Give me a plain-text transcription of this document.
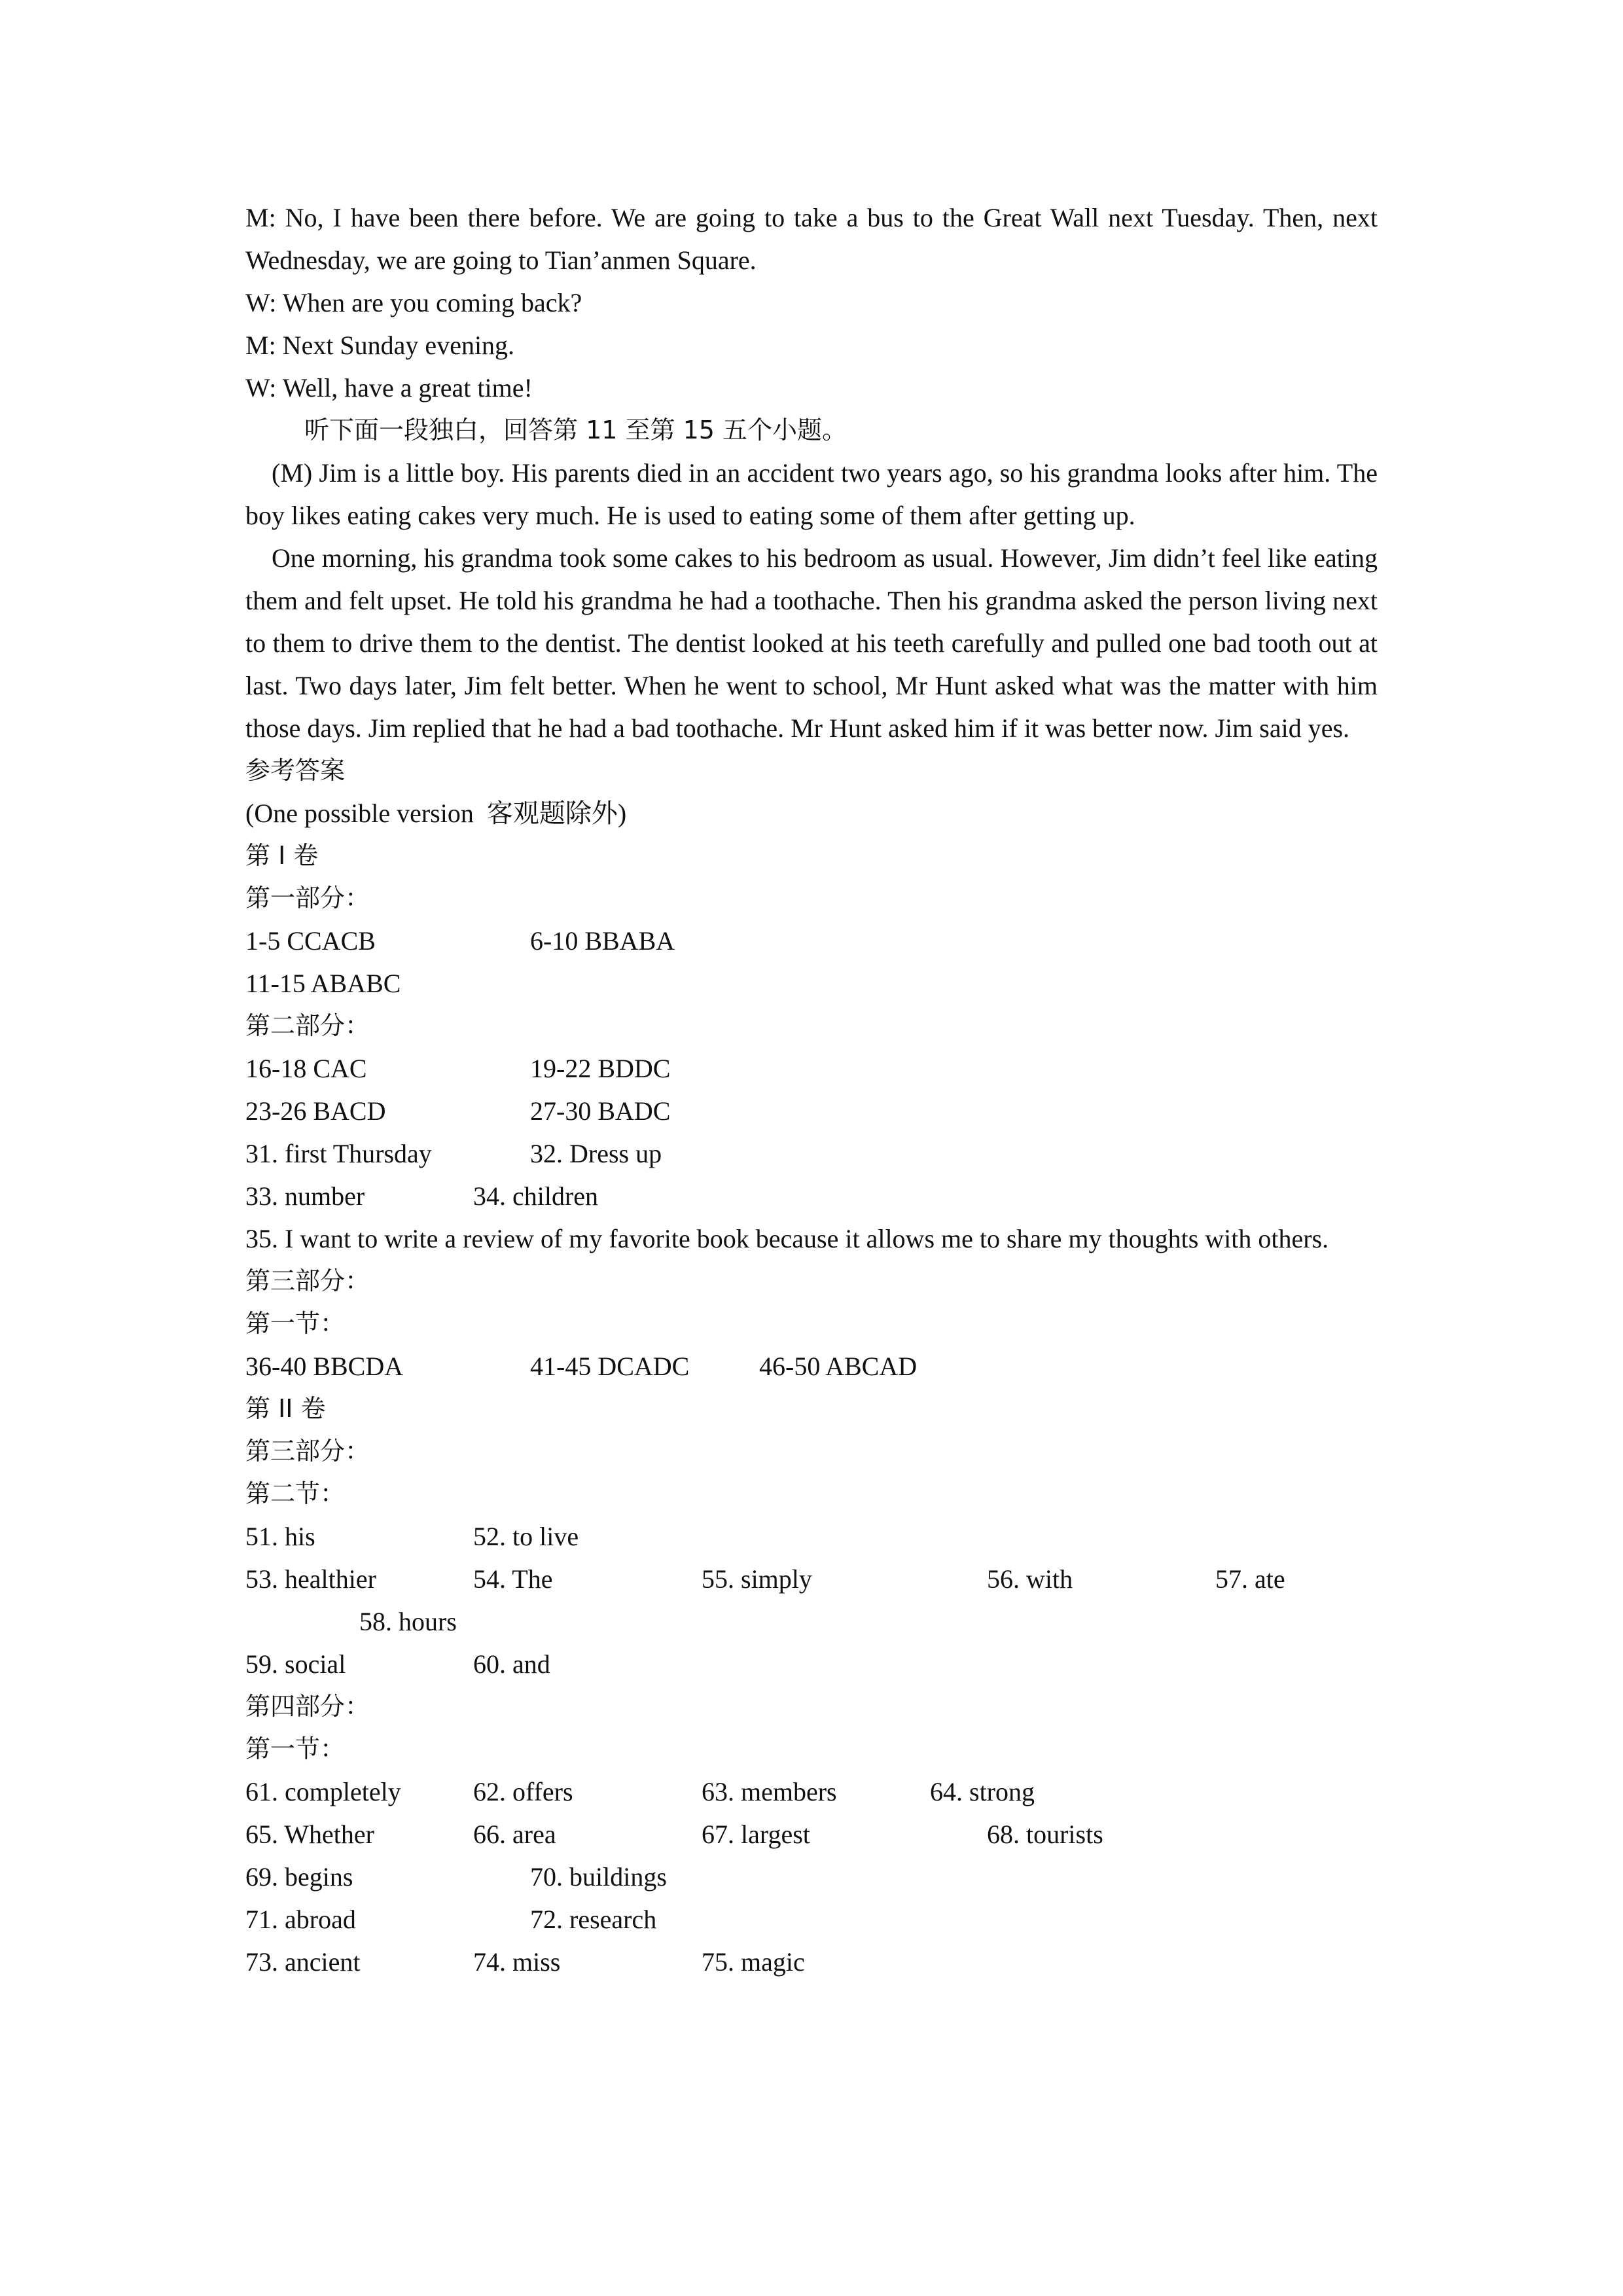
M: No, I have been there before. We are going to take a bus to the Great Wall next Tuesday. Then, next Wednesday, we are going to Tian’anmen Square.
W: When are you coming back?
M: Next Sunday evening.
W: Well, have a great time!
听下面一段独白，回答第 11 至第 15 五个小题。
(M) Jim is a little boy. His parents died in an accident two years ago, so his grandma looks after him. The boy likes eating cakes very much. He is used to eating some of them after getting up.
One morning, his grandma took some cakes to his bedroom as usual. However, Jim didn’t feel like eating them and felt upset. He told his grandma he had a toothache. Then his grandma asked the person living next to them to drive them to the dentist. The dentist looked at his teeth carefully and pulled one bad tooth out at last. Two days later, Jim felt better. When he went to school, Mr Hunt asked what was the matter with him those days. Jim replied that he had a bad toothache. Mr Hunt asked him if it was better now. Jim said yes.
参考答案
(One possible version  客观题除外)
第 I 卷
第一部分：
1-5 CCACB	6-10 BBABA
11-15 ABABC
第二部分：
16-18 CAC	19-22 BDDC
23-26 BACD	27-30 BADC
31. first Thursday	32. Dress up
33. number	34. children
35. I want to write a review of my favorite book because it allows me to share my thoughts with others.
第三部分：
第一节：
36-40 BBCDA	41-45 DCADC	46-50 ABCAD
第 II 卷
第三部分：
第二节：
51. his	52. to live
53. healthier	54. The	55. simply	56. with	57. ate
58. hours
59. social	60. and
第四部分：
第一节：
61. completely	62. offers	63. members	64. strong
65. Whether	66. area	67. largest	68. tourists
69. begins	70. buildings
71. abroad	72. research
73. ancient	74. miss	75. magic
